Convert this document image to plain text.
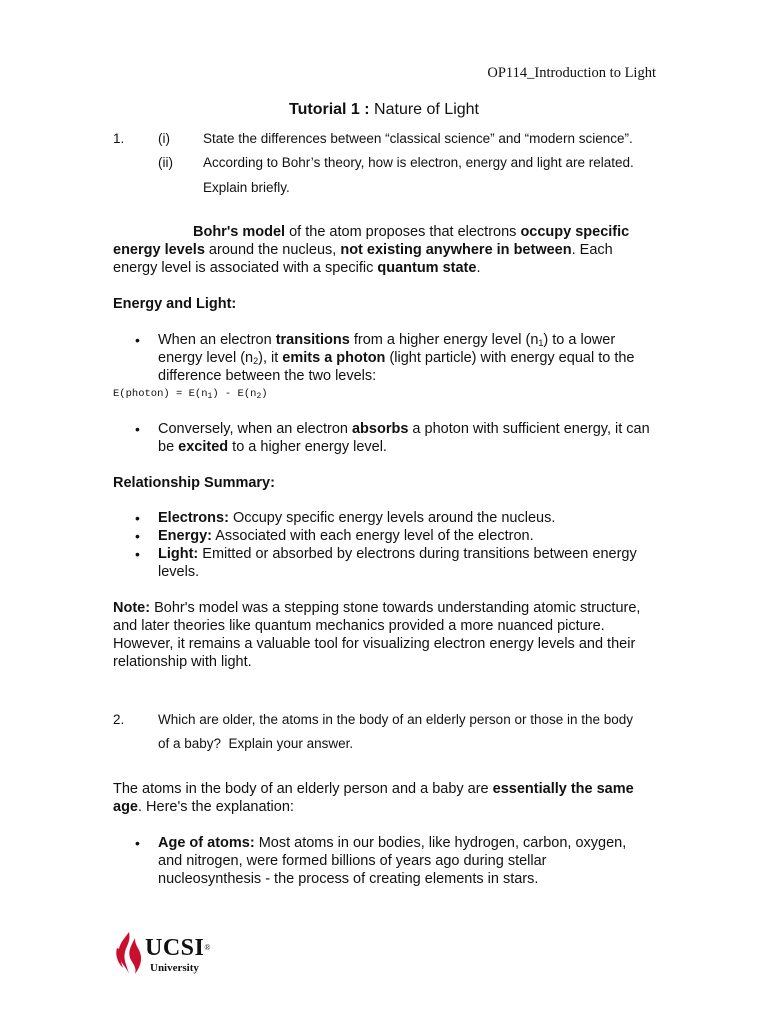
OP114_Introduction to Light
Tutorial 1 : Nature of Light
1. (i) State the differences between “classical science” and “modern science”.
(ii) According to Bohr’s theory, how is electron, energy and light are related.
Explain briefly.
Bohr's model of the atom proposes that electrons occupy specific energy levels around the nucleus, not existing anywhere in between. Each energy level is associated with a specific quantum state.
Energy and Light:
• When an electron transitions from a higher energy level $(n_1)$ to a lower energy level $(n_2)$, it emits a photon (light particle) with energy equal to the difference between the two levels:
E(photon) = $E(n_1) - E(n_2)$
• Conversely, when an electron absorbs a photon with sufficient energy, it can be excited to a higher energy level.
Relationship Summary:
• Electrons: Occupy specific energy levels around the nucleus.
• Energy: Associated with each energy level of the electron.
• Light: Emitted or absorbed by electrons during transitions between energy levels.
Note: Bohr's model was a stepping stone towards understanding atomic structure, and later theories like quantum mechanics provided a more nuanced picture. However, it remains a valuable tool for visualizing electron energy levels and their relationship with light.
2. Which are older, the atoms in the body of an elderly person or those in the body
of a baby?  Explain your answer.
The atoms in the body of an elderly person and a baby are essentially the same age. Here's the explanation:
• Age of atoms: Most atoms in our bodies, like hydrogen, carbon, oxygen, and nitrogen, were formed billions of years ago during stellar nucleosynthesis - the process of creating elements in stars.
UCSI®
University
